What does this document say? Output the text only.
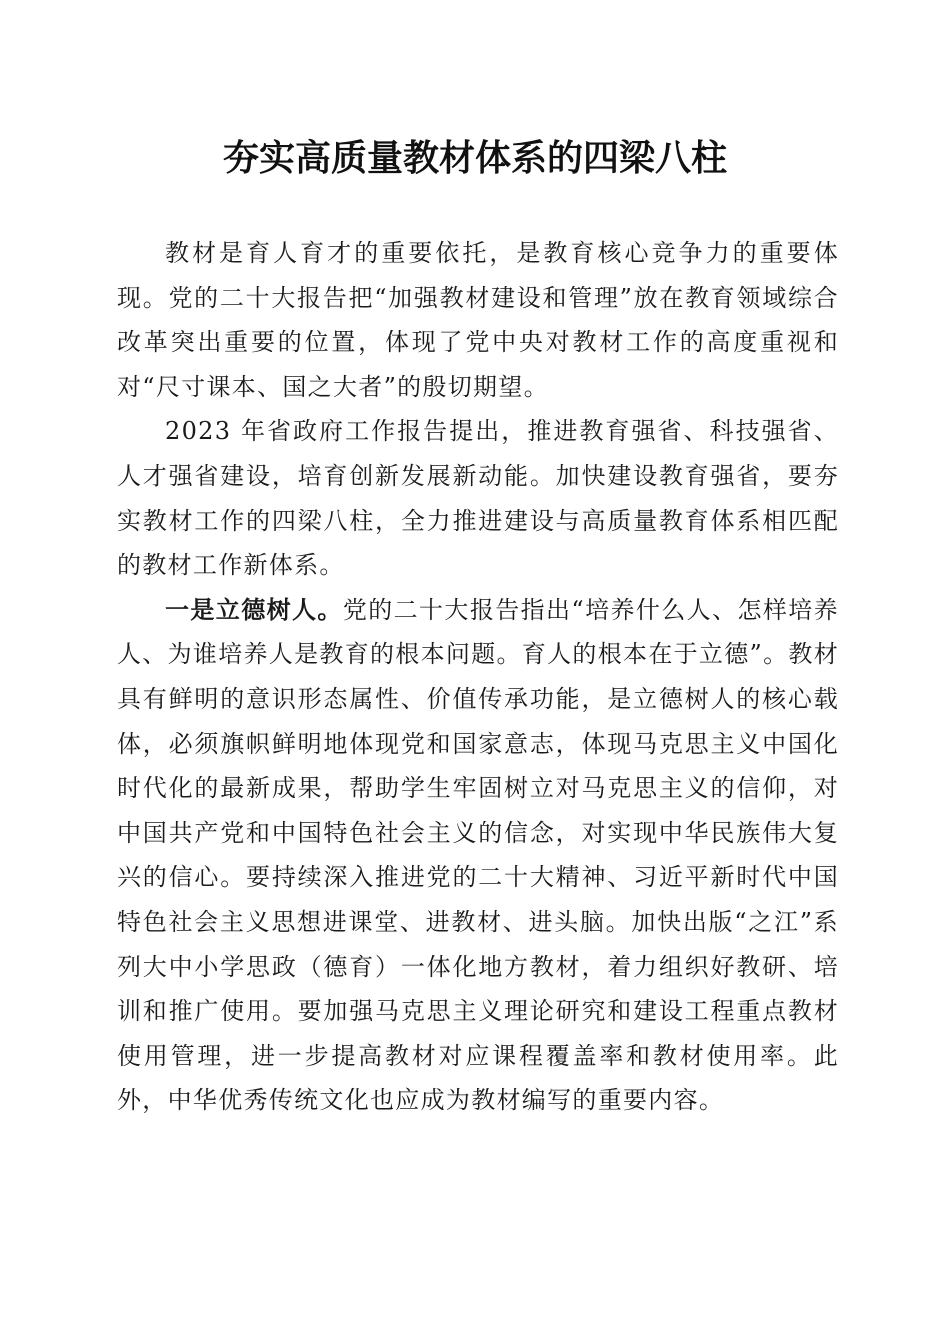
夯实高质量教材体系的四梁八柱

教材是育人育才的重要依托，是教育核心竞争力的重要体现。党的二十大报告把“加强教材建设和管理”放在教育领域综合改革突出重要的位置，体现了党中央对教材工作的高度重视和对“尺寸课本、国之大者”的殷切期望。

2023 年省政府工作报告提出，推进教育强省、科技强省、人才强省建设，培育创新发展新动能。加快建设教育强省，要夯实教材工作的四梁八柱，全力推进建设与高质量教育体系相匹配的教材工作新体系。

一是立德树人。党的二十大报告指出“培养什么人、怎样培养人、为谁培养人是教育的根本问题。育人的根本在于立德”。教材具有鲜明的意识形态属性、价值传承功能，是立德树人的核心载体，必须旗帜鲜明地体现党和国家意志，体现马克思主义中国化时代化的最新成果，帮助学生牢固树立对马克思主义的信仰，对中国共产党和中国特色社会主义的信念，对实现中华民族伟大复兴的信心。要持续深入推进党的二十大精神、习近平新时代中国特色社会主义思想进课堂、进教材、进头脑。加快出版“之江”系列大中小学思政（德育）一体化地方教材，着力组织好教研、培训和推广使用。要加强马克思主义理论研究和建设工程重点教材使用管理，进一步提高教材对应课程覆盖率和教材使用率。此外，中华优秀传统文化也应成为教材编写的重要内容。
